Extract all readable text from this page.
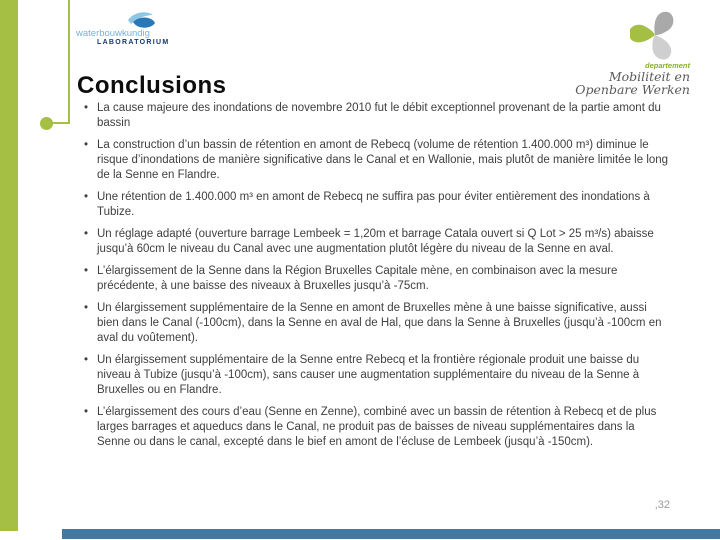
waterbouwkundig
LABORATORIUM
departement
Mobiliteit en
Openbare Werken
Conclusions
• La cause majeure des inondations de novembre 2010 fut le débit exceptionnel provenant de la partie amont du bassin
• La construction d’un bassin de rétention en amont de Rebecq (volume de rétention 1.400.000 m³) diminue le risque d’inondations de manière significative dans le Canal et en Wallonie, mais plutôt de manière limitée le long de la Senne en Flandre.
• Une rétention de 1.400.000 m³ en amont de Rebecq ne suffira pas pour éviter entièrement des inondations à Tubize.
• Un réglage adapté (ouverture barrage Lembeek = 1,20m et barrage Catala ouvert si Q Lot > 25 m³/s) abaisse jusqu’à 60cm le niveau du Canal avec une augmentation plutôt légère du niveau de la Senne en aval.
• L’élargissement de la Senne dans la Région Bruxelles Capitale mène, en combinaison avec la mesure précédente, à une baisse des niveaux à Bruxelles jusqu’à -75cm.
• Un élargissement supplémentaire de la Senne en amont de Bruxelles mène à une baisse significative, aussi bien dans le Canal (-100cm), dans la Senne en aval de Hal, que dans la Senne à Bruxelles (jusqu’à -100cm en aval du voûtement).
• Un élargissement supplémentaire de la Senne entre Rebecq et la frontière régionale produit une baisse du niveau à Tubize (jusqu’à -100cm), sans causer une augmentation supplémentaire du niveau de la Senne à Bruxelles ou en Flandre.
• L’élargissement des cours d’eau (Senne en Zenne), combiné avec un bassin de rétention à Rebecq et de plus larges barrages et aqueducs dans le Canal, ne produit pas de baisses de niveau supplémentaires dans la Senne ou dans le canal, excepté dans le bief en amont de l’écluse de Lembeek (jusqu’à -150cm).
,32
